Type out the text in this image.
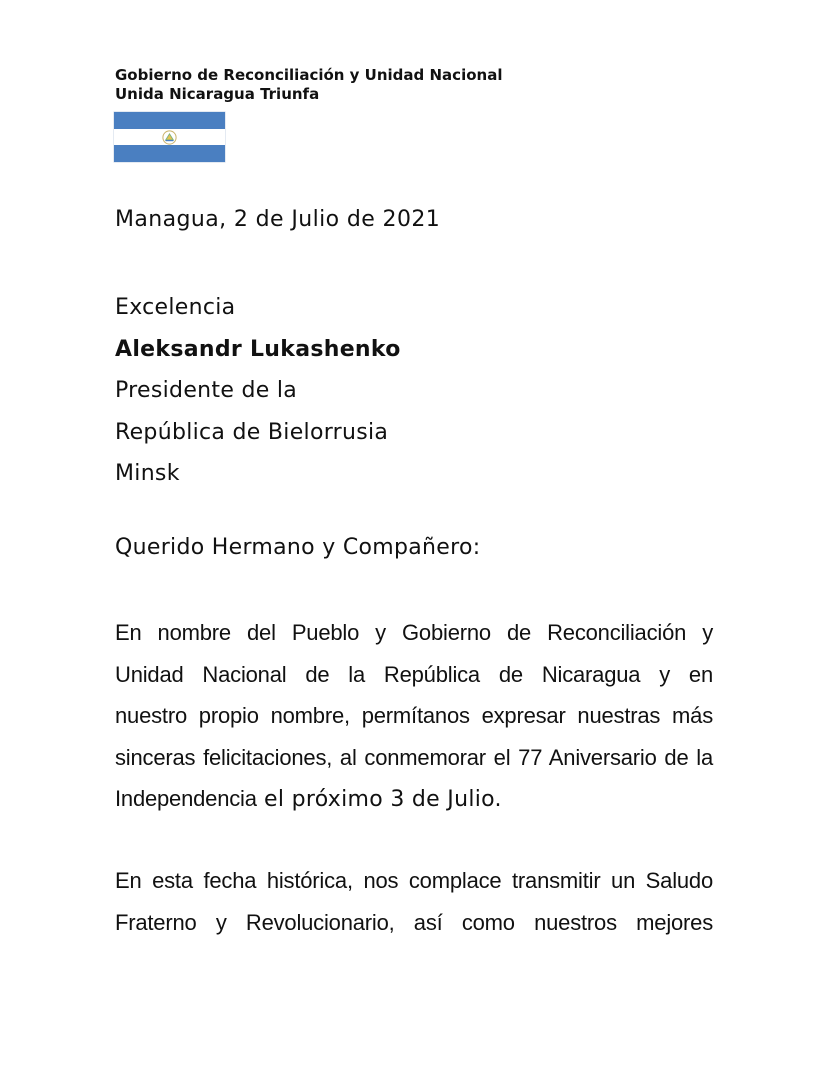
Gobierno de Reconciliación y Unidad Nacional
Unida Nicaragua Triunfa
Managua, 2 de Julio de 2021
Excelencia
Aleksandr Lukashenko
Presidente de la
República de Bielorrusia
Minsk
Querido Hermano y Compañero:
En nombre del Pueblo y Gobierno de Reconciliación y
Unidad Nacional de la República de Nicaragua y en
nuestro propio nombre, permítanos expresar nuestras más
sinceras felicitaciones, al conmemorar el 77 Aniversario de la
Independencia el próximo 3 de Julio.
En esta fecha histórica, nos complace transmitir un Saludo
Fraterno y Revolucionario, así como nuestros mejores
